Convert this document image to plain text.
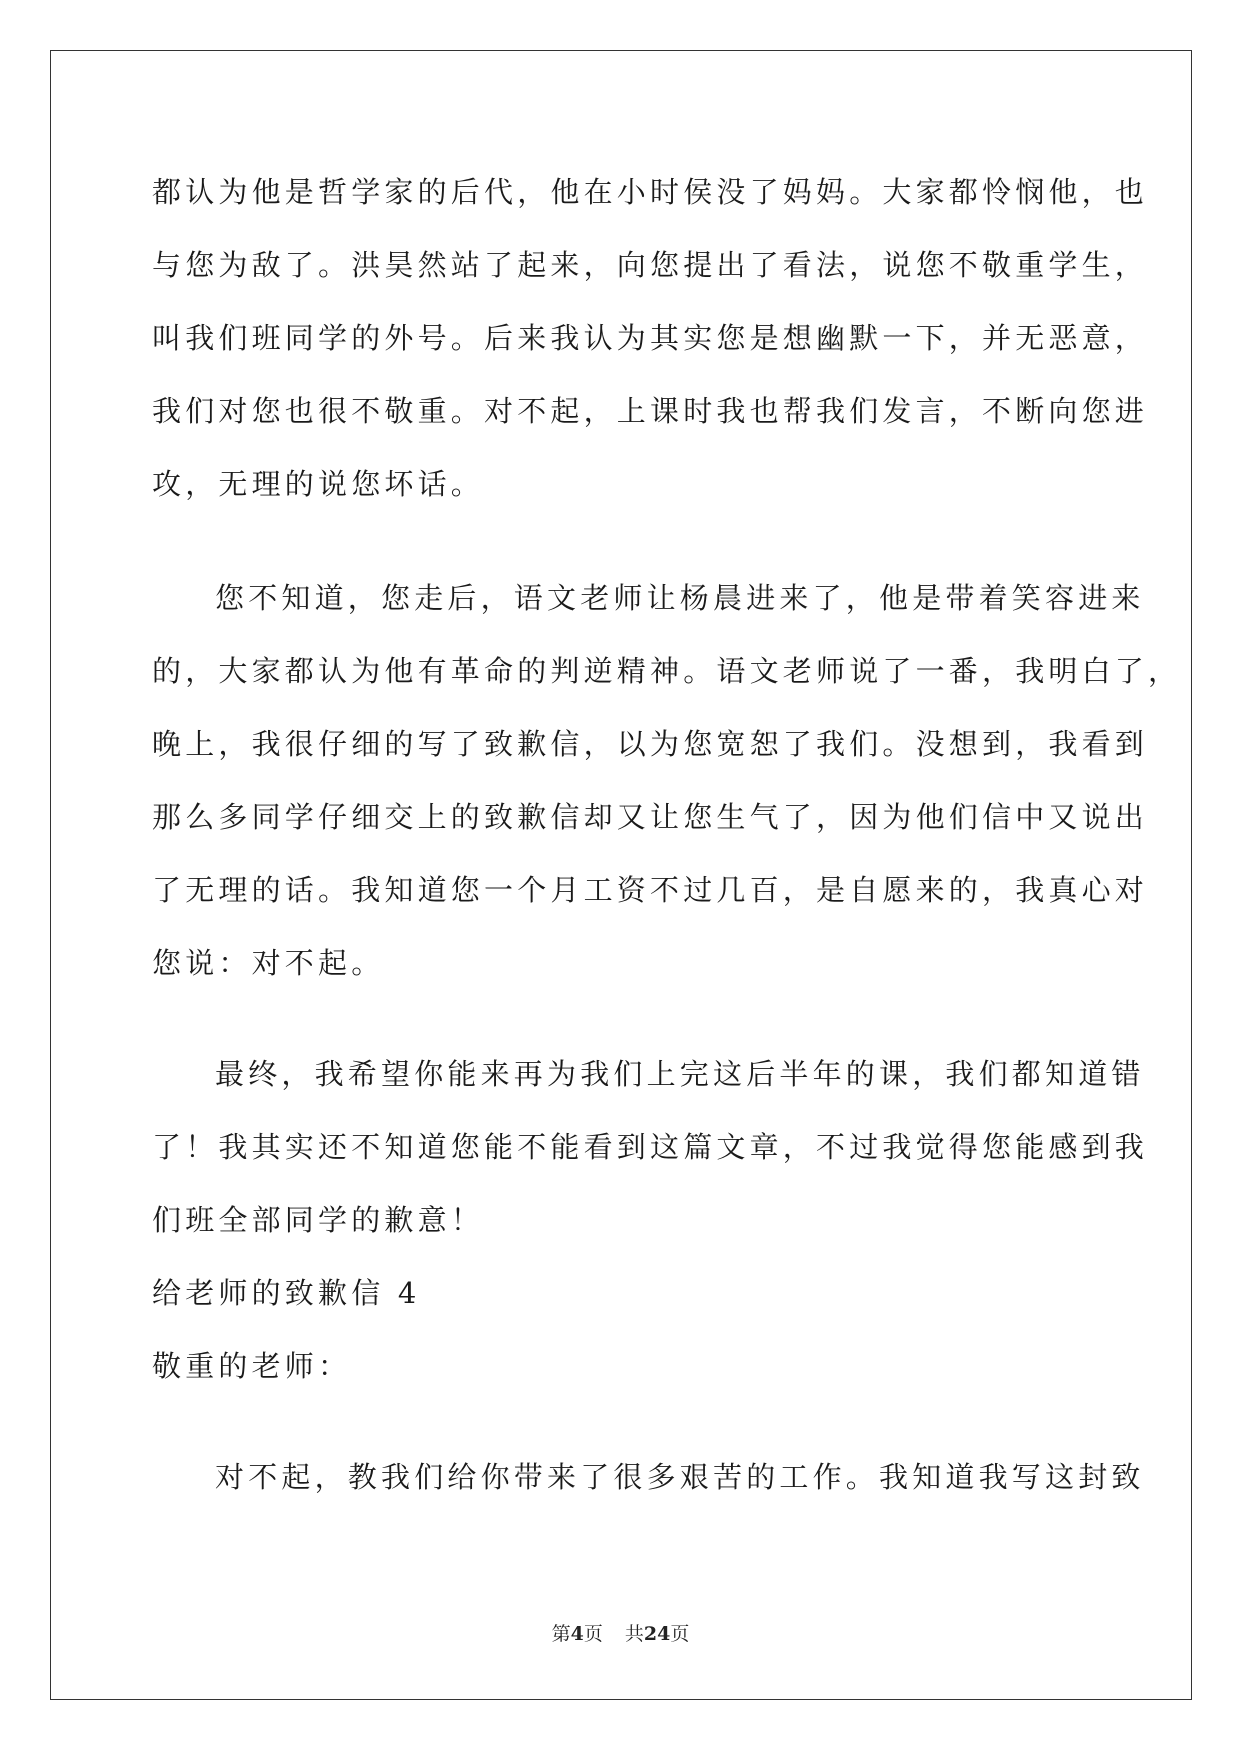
都认为他是哲学家的后代，他在小时侯没了妈妈。大家都怜悯他，也

与您为敌了。洪昊然站了起来，向您提出了看法，说您不敬重学生，

叫我们班同学的外号。后来我认为其实您是想幽默一下，并无恶意，

我们对您也很不敬重。对不起，上课时我也帮我们发言，不断向您进

攻，无理的说您坏话。

您不知道，您走后，语文老师让杨晨进来了，他是带着笑容进来

的，大家都认为他有革命的判逆精神。语文老师说了一番，我明白了，

晚上，我很仔细的写了致歉信，以为您宽恕了我们。没想到，我看到

那么多同学仔细交上的致歉信却又让您生气了，因为他们信中又说出

了无理的话。我知道您一个月工资不过几百，是自愿来的，我真心对

您说：对不起。

最终，我希望你能来再为我们上完这后半年的课，我们都知道错

了！我其实还不知道您能不能看到这篇文章，不过我觉得您能感到我

们班全部同学的歉意！

给老师的致歉信 4

敬重的老师：

对不起，教我们给你带来了很多艰苦的工作。我知道我写这封致

第4页 共24页
